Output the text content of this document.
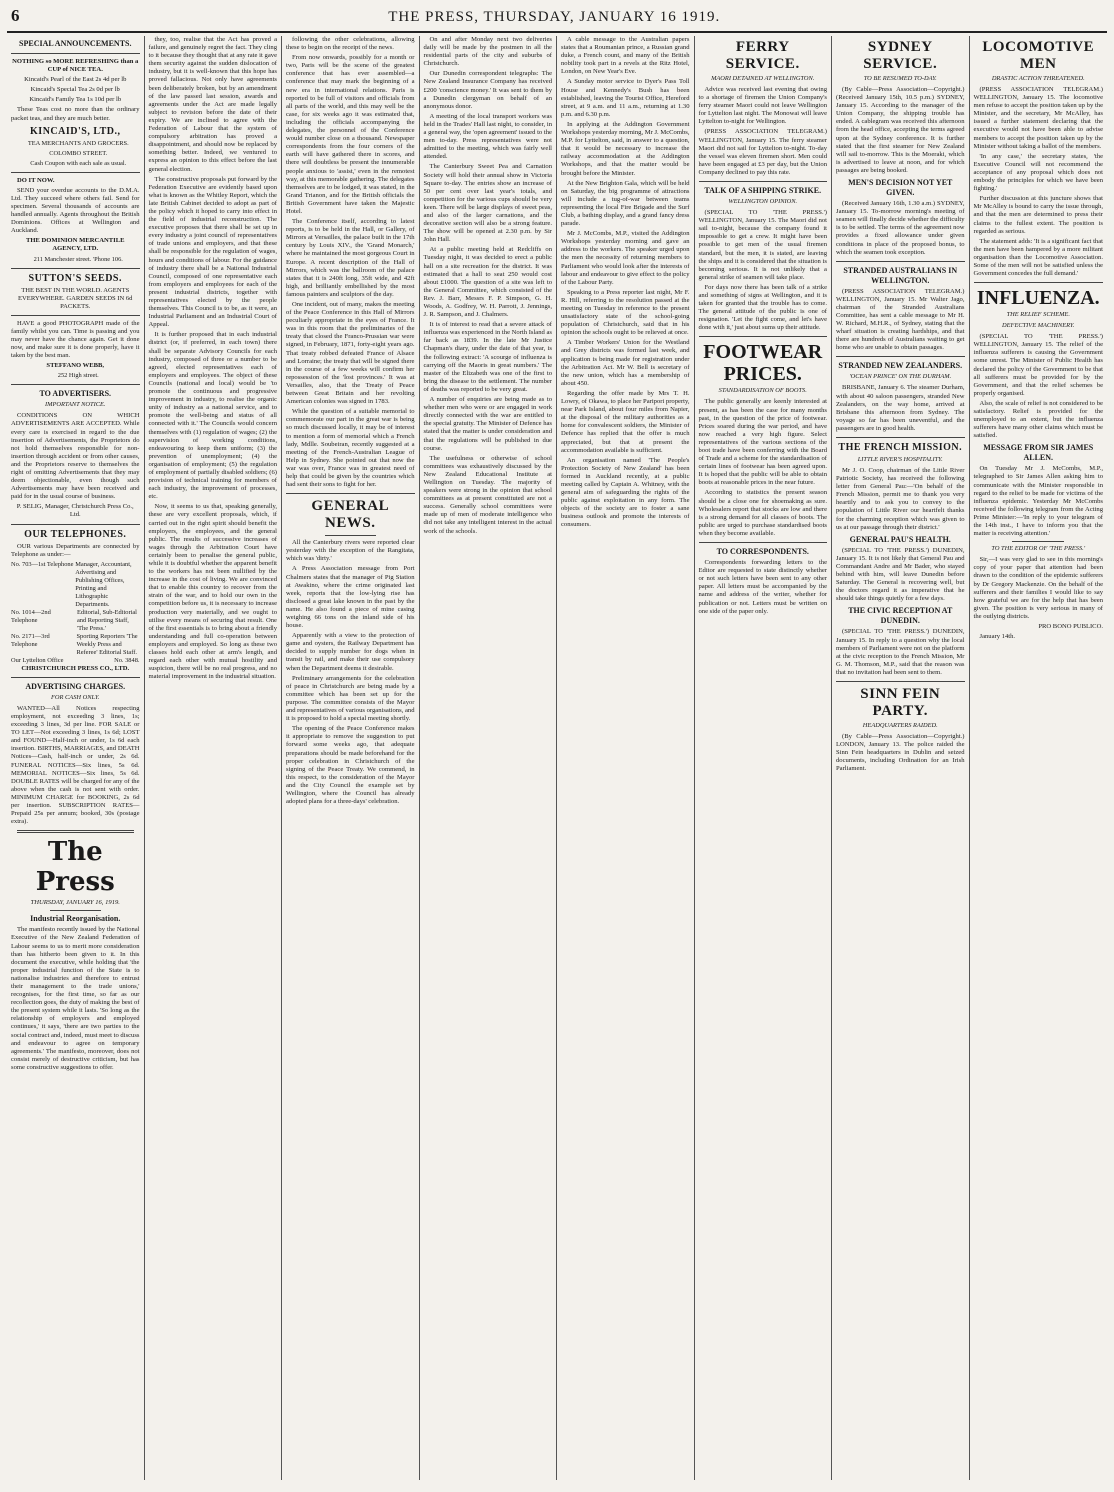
6	THE PRESS, THURSDAY, JANUARY 16 1919.
SPECIAL ANNOUNCEMENTS.

NOTHING so MORE REFRESHING than a CUP of NICE TEA.

Kincaid's Pearl of the East 2s 4d per lb

Kincaid's Special Tea 2s 0d per lb

Kincaid's Family Tea 1s 10d per lb

These Teas cost no more than the ordinary packet teas, and they are much better.

KINCAID'S, LTD.,

TEA MERCHANTS AND GROCERS.

COLOMBO STREET.

Cash Coupon with each sale as usual.

DO IT NOW.

SEND your overdue accounts to the D.M.A. Ltd. They succeed where others fail. Send for specimen. Several thousands of accounts are handled annually. Agents throughout the British Dominions. Offices at Wellington and Auckland.

THE DOMINION MERCANTILE AGENCY, LTD.

211 Manchester street. 'Phone 106.

SUTTON'S SEEDS.

THE BEST IN THE WORLD. AGENTS EVERYWHERE. GARDEN SEEDS IN 6d PACKETS.

HAVE a good PHOTOGRAPH made of the family whilst you can. Time is passing and you may never have the chance again. Get it done now, and make sure it is done properly, have it taken by the best man.

STEFFANO WEBB,

252 High street.

TO ADVERTISERS.
IMPORTANT NOTICE.

CONDITIONS ON WHICH ADVERTISEMENTS ARE ACCEPTED. While every care is exercised in regard to the due insertion of Advertisements, the Proprietors do not hold themselves responsible for non-insertion through accident or from other causes, and the Proprietors reserve to themselves the right of omitting Advertisements that they may deem objectionable, even though such Advertisements may have been received and paid for in the usual course of business.

P. SELIG, Manager, Christchurch Press Co., Ltd.

OUR TELEPHONES.

OUR various Departments are connected by Telephone as under:—

No. 703—1st Telephone Manager, Accountant, Advertising and Publishing Offices, Printing and Lithographic Departments.
No. 1014—2nd Telephone
Editorial, Sub-Editorial and Reporting Staff, 'The Press.'
No. 2171—3rd Telephone
Sporting Reporters 'The Weekly Press and Referee' Editorial Staff.
Our Lyttelton Office	No. 3848.

CHRISTCHURCH PRESS CO., LTD.

ADVERTISING CHARGES.
FOR CASH ONLY.

WANTED—All Notices respecting employment, not exceeding 3 lines, 1s; exceeding 3 lines, 3d per line. FOR SALE or TO LET—Not exceeding 3 lines, 1s 6d; LOST and FOUND—Half-inch or under, 1s 6d each insertion. BIRTHS, MARRIAGES, and DEATH Notices—Cash, half-inch or under, 2s 6d. FUNERAL NOTICES—Six lines, 5s 6d. MEMORIAL NOTICES—Six lines, 5s 6d. DOUBLE RATES will be charged for any of the above when the cash is not sent with order. MINIMUM CHARGE for BOOKING, 2s 6d per insertion. SUBSCRIPTION RATES—Prepaid 25s per annum; booked, 30s (postage extra).

The Press

THURSDAY, JANUARY 16, 1919.

Industrial Reorganisation.

The manifesto recently issued by the National Executive of the New Zealand Federation of Labour seems to us to merit more consideration than has hitherto been given to it. In this document the executive, while holding that 'the proper industrial function of the State is to nationalise industries and therefore to entrust their management to the trade unions,' recognises, for the first time, so far as our recollection goes, the duty of making the best of the present system while it lasts. 'So long as the relationship of employers and employed continues,' it says, 'there are two parties to the social contract and, indeed, must meet to discuss and endeavour to agree on temporary agreements.' The manifesto, moreover, does not consist merely of destructive criticism, but has some constructive suggestions to offer.

they, too, realise that the Act has proved a failure, and genuinely regret the fact. They cling to it because they thought that at any rate it gave them security against the sudden dislocation of industry, but it is well-known that this hope has proved fallacious. Not only have agreements been deliberately broken, but by an amendment of the law passed last session, awards and agreements under the Act are made legally subject to revision before the date of their expiry. We are inclined to agree with the Federation of Labour that the system of compulsory arbitration has proved a disappointment, and should now be replaced by something better. Indeed, we ventured to express an opinion to this effect before the last general election.

The constructive proposals put forward by the Federation Executive are evidently based upon what is known as the Whitley Report, which the late British Cabinet decided to adopt as part of the policy which it hoped to carry into effect in the field of industrial reconstruction. The executive proposes that there shall be set up in every industry a joint council of representatives of trade unions and employers, and that these shall be responsible for the regulation of wages, hours and conditions of labour. For the guidance of industry there shall be a National Industrial Council, composed of one representative each from employers and employees for each of the present industrial districts, together with representatives elected by the people themselves. This Council is to be, as it were, an Industrial Parliament and an Industrial Court of Appeal.

It is further proposed that in each industrial district (or, if preferred, in each town) there shall be separate Advisory Councils for each industry, composed of three or a number to be agreed, elected representatives each of employers and employees. The object of these Councils (national and local) would be 'to promote the continuous and progressive improvement in industry, to realise the organic unity of industry as a national service, and to promote the well-being and status of all connected with it.' The Councils would concern themselves with (1) regulation of wages; (2) the supervision of working conditions, endeavouring to keep them uniform; (3) the prevention of unemployment; (4) the organisation of employment; (5) the regulation of employment of partially disabled soldiers; (6) provision of technical training for members of each industry, the improvement of processes, etc.

Now, it seems to us that, speaking generally, these are very excellent proposals, which, if carried out in the right spirit should benefit the employers, the employees, and the general public. The results of successive increases of wages through the Arbitration Court have certainly been to penalise the general public, while it is doubtful whether the apparent benefit to the workers has not been nullified by the increase in the cost of living. We are convinced that to enable this country to recover from the strain of the war, and to hold our own in the competition before us, it is necessary to increase production very materially, and we ought to utilise every means of securing that result. One of the first essentials is to bring about a friendly understanding and full co-operation between employers and employed. So long as these two classes hold each other at arm's length, and regard each other with mutual hostility and suspicion, there will be no real progress, and no material improvement in the industrial situation.

following the other celebrations, allowing these to begin on the receipt of the news.

From now onwards, possibly for a month or two, Paris will be the scene of the greatest conference that has ever assembled—a conference that may mark the beginning of a new era in international relations. Paris is reported to be full of visitors and officials from all parts of the world, and this may well be the case, for six weeks ago it was estimated that, including the officials accompanying the delegates, the personnel of the Conference would number close on a thousand. Newspaper correspondents from the four corners of the earth will have gathered there in scores, and there will doubtless be present the innumerable people anxious to 'assist,' even in the remotest way, at this memorable gathering. The delegates themselves are to be lodged, it was stated, in the Grand Trianon, and for the British officials the British Government have taken the Majestic Hotel.

The Conference itself, according to latest reports, is to be held in the Hall, or Gallery, of Mirrors at Versailles, the palace built in the 17th century by Louis XIV., the 'Grand Monarch,' where he maintained the most gorgeous Court in Europe. A recent description of the Hall of Mirrors, which was the ballroom of the palace states that it is 240ft long, 35ft wide, and 42ft high, and brilliantly embellished by the most famous painters and sculptors of the day.

One incident, out of many, makes the meeting of the Peace Conference in this Hall of Mirrors peculiarly appropriate in the eyes of France. It was in this room that the preliminaries of the treaty that closed the Franco-Prussian war were signed, in February, 1871, forty-eight years ago. That treaty robbed defeated France of Alsace and Lorraine; the treaty that will be signed there in the course of a few weeks will confirm her repossession of the 'lost provinces.' It was at Versailles, also, that the Treaty of Peace between Great Britain and her revolting American colonies was signed in 1783.

While the question of a suitable memorial to commemorate our part in the great war is being so much discussed locally, it may be of interest to mention a form of memorial which a French lady, Mdlle. Soubeiran, recently suggested at a meeting of the French-Australian League of Help in Sydney. She pointed out that now the war was over, France was in greatest need of help that could be given by the countries which had sent their sons to fight for her.

GENERAL NEWS.

All the Canterbury rivers were reported clear yesterday with the exception of the Rangitata, which was 'dirty.'

A Press Association message from Port Chalmers states that the manager of Pig Station at Awakino, where the crime originated last week, reports that the low-lying rise has disclosed a great lake known in the past by the name. He also found a piece of mine casing weighing 66 tons on the inland side of his house.

Apparently with a view to the protection of game and oysters, the Railway Department has decided to supply number for dogs when in transit by rail, and make their use compulsory when the Department deems it desirable.

Preliminary arrangements for the celebration of peace in Christchurch are being made by a committee which has been set up for the purpose. The committee consists of the Mayor and representatives of various organisations, and it is proposed to hold a special meeting shortly.

The opening of the Peace Conference makes it appropriate to remove the suggestion to put forward some weeks ago, that adequate preparations should be made beforehand for the proper celebration in Christchurch of the signing of the Peace Treaty. We commend, in this respect, to the consideration of the Mayor and the City Council the example set by Wellington, where the Council has already adopted plans for a three-days' celebration.

On and after Monday next two deliveries daily will be made by the postmen in all the residential parts of the city and suburbs of Christchurch.

Our Dunedin correspondent telegraphs: The New Zealand Insurance Company has received £200 'conscience money.' It was sent to them by a Dunedin clergyman on behalf of an anonymous donor.

A meeting of the local transport workers was held in the Trades' Hall last night, to consider, in a general way, the 'open agreement' issued to the men to-day. Press representatives were not admitted to the meeting, which was fairly well attended.

The Canterbury Sweet Pea and Carnation Society will hold their annual show in Victoria Square to-day. The entries show an increase of 50 per cent over last year's totals, and competition for the various cups should be very keen. There will be large displays of sweet peas, and also of the larger carnations, and the decorative section will also be a strong feature. The show will be opened at 2.30 p.m. by Sir John Hall.

At a public meeting held at Redcliffs on Tuesday night, it was decided to erect a public hall on a site recreation for the district. It was estimated that a hall to seat 250 would cost about £1000. The question of a site was left to the General Committee, which consisted of the Rev. J. Barr, Messrs F. P. Simpson, G. H. Woods, A. Godfrey, W. H. Parrott, J. Jennings, J. R. Sampson, and J. Chalmers.

It is of interest to read that a severe attack of influenza was experienced in the North Island as far back as 1839. In the late Mr Justice Chapman's diary, under the date of that year, is the following extract: 'A scourge of influenza is carrying off the Maoris in great numbers.' The master of the Elizabeth was one of the first to bring the disease to the settlement. The number of deaths was reported to be very great.

A number of enquiries are being made as to whether men who were or are engaged in work directly connected with the war are entitled to the special gratuity. The Minister of Defence has stated that the matter is under consideration and that the regulations will be published in due course.

The usefulness or otherwise of school committees was exhaustively discussed by the New Zealand Educational Institute at Wellington on Tuesday. The majority of speakers were strong in the opinion that school committees as at present constituted are not a success. Generally school committees were made up of men of moderate intelligence who did not take any intelligent interest in the actual work of the schools.

A cable message to the Australian papers states that a Roumanian prince, a Russian grand duke, a French count, and many of the British nobility took part in a revels at the Ritz Hotel, London, on New Year's Eve.

A Sunday motor service to Dyer's Pass Toll House and Kennedy's Bush has been established, leaving the Tourist Office, Hereford street, at 9 a.m. and 11 a.m., returning at 1.30 p.m. and 6.30 p.m.

In applying at the Addington Government Workshops yesterday morning, Mr J. McCombs, M.P. for Lyttelton, said, in answer to a question, that it would be necessary to increase the railway accommodation at the Addington Workshops, and that the matter would be brought before the Minister.

At the New Brighton Gala, which will be held on Saturday, the big programme of attractions will include a tug-of-war between teams representing the local Fire Brigade and the Surf Club, a bathing display, and a grand fancy dress parade.

Mr J. McCombs, M.P., visited the Addington Workshops yesterday morning and gave an address to the workers. The speaker urged upon the men the necessity of returning members to Parliament who would look after the interests of labour and endeavour to give effect to the policy of the Labour Party.

Speaking to a Press reporter last night, Mr F. R. Hill, referring to the resolution passed at the meeting on Tuesday in reference to the present unsatisfactory state of the school-going population of Christchurch, said that in his opinion the schools ought to be relieved at once.

A Timber Workers' Union for the Westland and Grey districts was formed last week, and application is being made for registration under the Arbitration Act. Mr W. Bell is secretary of the new union, which has a membership of about 450.

Regarding the offer made by Mrs T. H. Lowry, of Okawa, to place her Paripori property, near Park Island, about four miles from Napier, at the disposal of the military authorities as a home for convalescent soldiers, the Minister of Defence has replied that the offer is much appreciated, but that at present the accommodation available is sufficient.

An organisation named 'The People's Protection Society of New Zealand' has been formed in Auckland recently, at a public meeting called by Captain A. Whitney, with the general aim of safeguarding the rights of the public against exploitation in any form. The objects of the society are to foster a sane business outlook and promote the interests of consumers.

FERRY SERVICE.
MAORI DETAINED AT WELLINGTON.

Advice was received last evening that owing to a shortage of firemen the Union Company's ferry steamer Maori could not leave Wellington for Lyttelton last night. The Monowai will leave Lyttelton to-night for Wellington.

(PRESS ASSOCIATION TELEGRAM.) WELLINGTON, January 15. The ferry steamer Maori did not sail for Lyttelton to-night. To-day the vessel was eleven firemen short. Men could have been engaged at £3 per day, but the Union Company declined to pay this rate.

TALK OF A SHIPPING STRIKE.
WELLINGTON OPINION.

(SPECIAL TO 'THE PRESS.') WELLINGTON, January 15. The Maori did not sail to-night, because the company found it impossible to get a crew. It might have been possible to get men of the usual firemen standard, but the men, it is stated, are leaving the ships and it is considered that the situation is becoming serious. It is not unlikely that a general strike of seamen will take place.

For days now there has been talk of a strike and something of signs at Wellington, and it is taken for granted that the trouble has to come. The general attitude of the public is one of resignation. 'Let the fight come, and let's have done with it,' just about sums up their attitude.

FOOTWEAR PRICES.
STANDARDISATION OF BOOTS.

The public generally are keenly interested at present, as has been the case for many months past, in the question of the price of footwear. Prices soared during the war period, and have now reached a very high figure. Select representatives of the various sections of the boot trade have been conferring with the Board of Trade and a scheme for the standardisation of certain lines of footwear has been agreed upon. It is hoped that the public will be able to obtain boots at reasonable prices in the near future.

According to statistics the present season should be a close one for shoemaking as sure. Wholesalers report that stocks are low and there is a strong demand for all classes of boots. The public are urged to purchase standardised boots when they become available.

TO CORRESPONDENTS.

Correspondents forwarding letters to the Editor are requested to state distinctly whether or not such letters have been sent to any other paper. All letters must be accompanied by the name and address of the writer, whether for publication or not. Letters must be written on one side of the paper only.

SYDNEY SERVICE.
TO BE RESUMED TO-DAY.

(By Cable—Press Association—Copyright.) (Received January 15th, 10.5 p.m.) SYDNEY, January 15. According to the manager of the Union Company, the shipping trouble has ended. A cablegram was received this afternoon from the head office, accepting the terms agreed upon at the Sydney conference. It is further stated that the first steamer for New Zealand will sail to-morrow. This is the Moeraki, which is advertised to leave at noon, and for which passages are being booked.

MEN'S DECISION NOT YET GIVEN.

(Received January 16th, 1.30 a.m.) SYDNEY, January 15. To-morrow morning's meeting of seamen will finally decide whether the difficulty is to be settled. The terms of the agreement now provides a fixed allowance under given conditions in place of the proposed bonus, to which the seamen took exception.

STRANDED AUSTRALIANS IN WELLINGTON.

(PRESS ASSOCIATION TELEGRAM.) WELLINGTON, January 15. Mr Walter Jago, chairman of the Stranded Australians Committee, has sent a cable message to Mr H. W. Richard, M.H.R., of Sydney, stating that the wharf situation is creating hardships, and that there are hundreds of Australians waiting to get home who are unable to obtain passages.

STRANDED NEW ZEALANDERS.
'OCEAN PRINCE' ON THE DURHAM.

BRISBANE, January 6. The steamer Durham, with about 40 saloon passengers, stranded New Zealanders, on the way home, arrived at Brisbane this afternoon from Sydney. The voyage so far has been uneventful, and the passengers are in good health.

THE FRENCH MISSION.
LITTLE RIVER'S HOSPITALITY.

Mr J. O. Coop, chairman of the Little River Patriotic Society, has received the following letter from General Pau:—'On behalf of the French Mission, permit me to thank you very heartily and to ask you to convey to the population of Little River our heartfelt thanks for the charming reception which was given to us at our passage through their district.'

GENERAL PAU'S HEALTH.

(SPECIAL TO 'THE PRESS.') DUNEDIN, January 15. It is not likely that General Pau and Commandant Andre and Mr Bader, who stayed behind with him, will leave Dunedin before Saturday. The General is recovering well, but the doctors regard it as imperative that he should take things quietly for a few days.

THE CIVIC RECEPTION AT DUNEDIN.

(SPECIAL TO 'THE PRESS.') DUNEDIN, January 15. In reply to a question why the local members of Parliament were not on the platform at the civic reception to the French Mission, Mr G. M. Thomson, M.P., said that the reason was that no invitation had been sent to them.

SINN FEIN PARTY.
HEADQUARTERS RAIDED.

(By Cable—Press Association—Copyright.) LONDON, January 13. The police raided the Sinn Fein headquarters in Dublin and seized documents, including Ordination for an Irish Parliament.

LOCOMOTIVE MEN
DRASTIC ACTION THREATENED.

(PRESS ASSOCIATION TELEGRAM.) WELLINGTON, January 15. The locomotive men refuse to accept the position taken up by the Minister, and the secretary, Mr McAlley, has issued a further statement declaring that the executive would not have been able to advise members to accept the position taken up by the Minister without taking a ballot of the members.

'In any case,' the secretary states, 'the Executive Council will not recommend the acceptance of any proposal which does not embody the principles for which we have been fighting.'

Further discussion at this juncture shows that Mr McAlley is bound to carry the issue through, and that the men are determined to press their claims to the fullest extent. The position is regarded as serious.

The statement adds: 'It is a significant fact that the men have been hampered by a more militant organisation than the Locomotive Association. Some of the men will not be satisfied unless the Government concedes the full demand.'

INFLUENZA.
THE RELIEF SCHEME.
DEFECTIVE MACHINERY.

(SPECIAL TO 'THE PRESS.') WELLINGTON, January 15. The relief of the influenza sufferers is causing the Government some unrest. The Minister of Public Health has declared the policy of the Government to be that all sufferers must be provided for by the Government, and that the relief schemes be properly organised.

Also, the scale of relief is not considered to be satisfactory. Relief is provided for the unemployed to an extent, but the influenza sufferers have many other claims which must be satisfied.

MESSAGE FROM SIR JAMES ALLEN.

On Tuesday Mr J. McCombs, M.P., telegraphed to Sir James Allen asking him to communicate with the Minister responsible in regard to the relief to be made for victims of the influenza epidemic. Yesterday Mr McCombs received the following telegram from the Acting Prime Minister:—'In reply to your telegram of the 14th inst., I have to inform you that the matter is receiving attention.'

TO THE EDITOR OF 'THE PRESS.'

Sir,—I was very glad to see in this morning's copy of your paper that attention had been drawn to the condition of the epidemic sufferers by Dr Gregory Mackenzie. On the behalf of the sufferers and their families I would like to say how grateful we are for the help that has been given. The position is very serious in many of the outlying districts.

PRO BONO PUBLICO.

January 14th.
